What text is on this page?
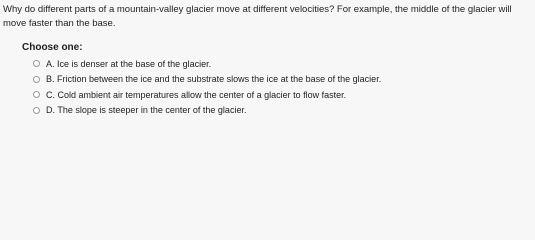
Why do different parts of a mountain-valley glacier move at different velocities? For example, the middle of the glacier will move faster than the base.
Choose one:
A. Ice is denser at the base of the glacier.
B. Friction between the ice and the substrate slows the ice at the base of the glacier.
C. Cold ambient air temperatures allow the center of a glacier to flow faster.
D. The slope is steeper in the center of the glacier.
